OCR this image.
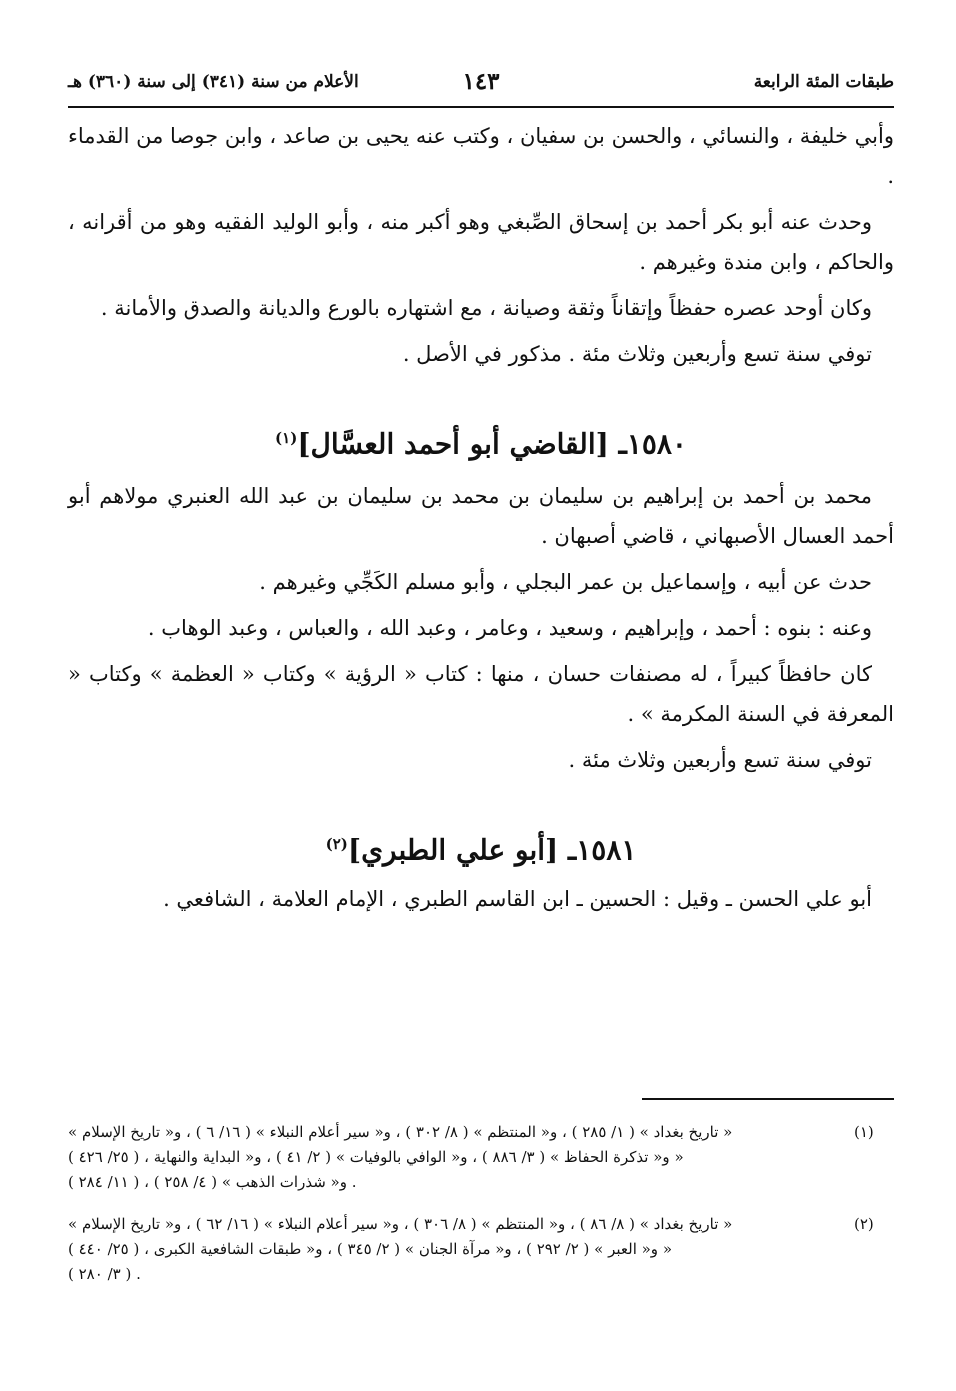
طبقات المئة الرابعة
١٤٣
الأعلام من سنة (٣٤١) إلى سنة (٣٦٠) هـ

وأبي خليفة ، والنسائي ، والحسن بن سفيان ، وكتب عنه يحيى بن صاعد ، وابن جوصا من القدماء .

وحدث عنه أبو بكر أحمد بن إسحاق الصِّبغي وهو أكبر منه ، وأبو الوليد الفقيه وهو من أقرانه ، والحاكم ، وابن مندة وغيرهم .

وكان أوحد عصره حفظاً وإتقاناً وثقة وصيانة ، مع اشتهاره بالورع والديانة والصدق والأمانة .

توفي سنة تسع وأربعين وثلاث مئة . مذكور في الأصل .

١٥٨٠ـ [القاضي أبو أحمد العسَّال]$^{(١)}$

محمد بن أحمد بن إبراهيم بن سليمان بن محمد بن سليمان بن عبد الله العنبري مولاهم أبو أحمد العسال الأصبهاني ، قاضي أصبهان .

حدث عن أبيه ، وإسماعيل بن عمر البجلي ، وأبو مسلم الكَجِّي وغيرهم .

وعنه : بنوه : أحمد ، وإبراهيم ، وسعيد ، وعامر ، وعبد الله ، والعباس ، وعبد الوهاب .

كان حافظاً كبيراً ، له مصنفات حسان ، منها : كتاب « الرؤية » وكتاب « العظمة » وكتاب « المعرفة في السنة المكرمة » .

توفي سنة تسع وأربعين وثلاث مئة .

١٥٨١ـ [أبو علي الطبري]$^{(٢)}$

أبو علي الحسن ـ وقيل : الحسين ـ ابن القاسم الطبري ، الإمام العلامة ، الشافعي .

(١)
« تاريخ بغداد » ( ١/ ٢٨٥ ) ، و« المنتظم » ( ٨/ ٣٠٢ ) ، و« سير أعلام النبلاء » ( ١٦/ ٦ ) ، و« تاريخ الإسلام »
( ٢٥/ ٤٢٦ ) ، و« تذكرة الحفاظ » ( ٣/ ٨٨٦ ) ، و« الوافي بالوفيات » ( ٢/ ٤١ ) ، و« البداية والنهاية »
( ١١/ ٢٨٤ ) ، و« شذرات الذهب » ( ٤/ ٢٥٨ ) .
(٢)
« تاريخ بغداد » ( ٨/ ٨٦ ) ، و« المنتظم » ( ٨/ ٣٠٦ ) ، و« سير أعلام النبلاء » ( ١٦/ ٦٢ ) ، و« تاريخ الإسلام »
( ٢٥/ ٤٤٠ ) ، و« العبر » ( ٢/ ٢٩٢ ) ، و« مرآة الجنان » ( ٢/ ٣٤٥ ) ، و« طبقات الشافعية الكبرى »
( ٣/ ٢٨٠ ) .
